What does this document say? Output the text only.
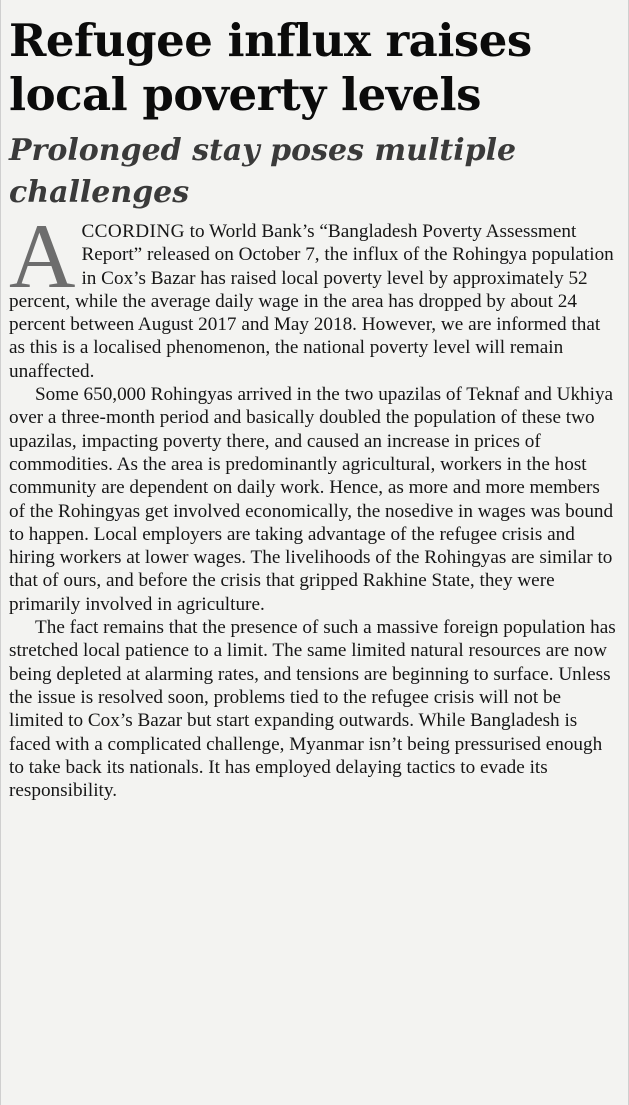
Refugee influx raises local poverty levels
Prolonged stay poses multiple challenges

ACCORDING to World Bank’s “Bangladesh Poverty Assessment Report” released on October 7, the influx of the Rohingya population in Cox’s Bazar has raised local poverty level by approximately 52 percent, while the average daily wage in the area has dropped by about 24 percent between August 2017 and May 2018. However, we are informed that as this is a localised phenomenon, the national poverty level will remain unaffected.

Some 650,000 Rohingyas arrived in the two upazilas of Teknaf and Ukhiya over a three-month period and basically doubled the population of these two upazilas, impacting poverty there, and caused an increase in prices of commodities. As the area is predominantly agricultural, workers in the host community are dependent on daily work. Hence, as more and more members of the Rohingyas get involved economically, the nosedive in wages was bound to happen. Local employers are taking advantage of the refugee crisis and hiring workers at lower wages. The livelihoods of the Rohingyas are similar to that of ours, and before the crisis that gripped Rakhine State, they were primarily involved in agriculture.

The fact remains that the presence of such a massive foreign population has stretched local patience to a limit. The same limited natural resources are now being depleted at alarming rates, and tensions are beginning to surface. Unless the issue is resolved soon, problems tied to the refugee crisis will not be limited to Cox’s Bazar but start expanding outwards. While Bangladesh is faced with a complicated challenge, Myanmar isn’t being pressurised enough to take back its nationals. It has employed delaying tactics to evade its responsibility.
